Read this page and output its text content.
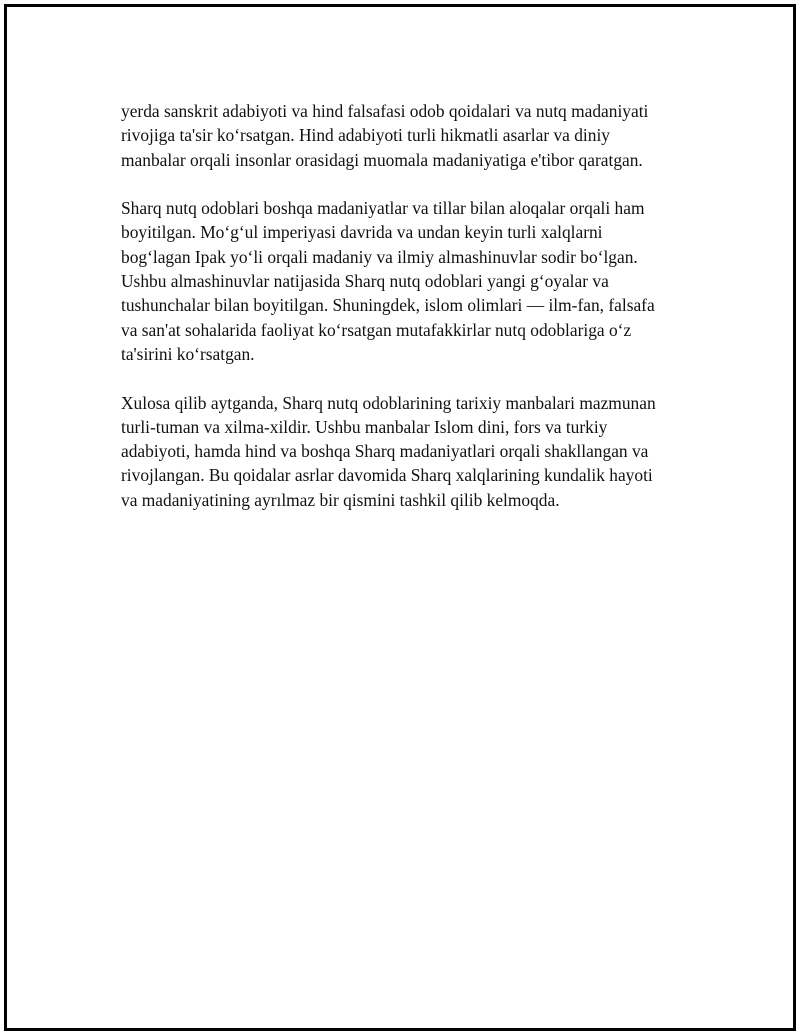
yerda sanskrit adabiyoti va hind falsafasi odob qoidalari va nutq madaniyati
rivojiga ta'sir ko‘rsatgan. Hind adabiyoti turli hikmatli asarlar va diniy
manbalar orqali insonlar orasidagi muomala madaniyatiga e'tibor qaratgan.

Sharq nutq odoblari boshqa madaniyatlar va tillar bilan aloqalar orqali ham
boyitilgan. Mo‘g‘ul imperiyasi davrida va undan keyin turli xalqlarni
bog‘lagan Ipak yo‘li orqali madaniy va ilmiy almashinuvlar sodir bo‘lgan.
Ushbu almashinuvlar natijasida Sharq nutq odoblari yangi g‘oyalar va
tushunchalar bilan boyitilgan. Shuningdek, islom olimlari — ilm-fan, falsafa
va san'at sohalarida faoliyat ko‘rsatgan mutafakkirlar nutq odoblariga o‘z
ta'sirini ko‘rsatgan.

Xulosa qilib aytganda, Sharq nutq odoblarining tarixiy manbalari mazmunan
turli-tuman va xilma-xildir. Ushbu manbalar Islom dini, fors va turkiy
adabiyoti, hamda hind va boshqa Sharq madaniyatlari orqali shakllangan va
rivojlangan. Bu qoidalar asrlar davomida Sharq xalqlarining kundalik hayoti
va madaniyatining ayrılmaz bir qismini tashkil qilib kelmoqda.
